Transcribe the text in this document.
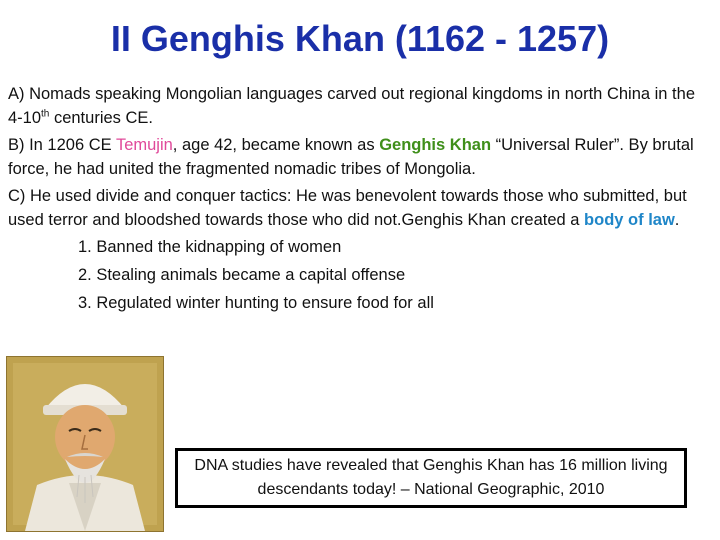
II Genghis Khan (1162 - 1257)

A) Nomads speaking Mongolian languages carved out regional kingdoms in north China in the 4-10th centuries CE.

B) In 1206 CE Temujin, age 42, became known as Genghis Khan “Universal Ruler”. By brutal force, he had united the fragmented nomadic tribes of Mongolia.

C) He used divide and conquer tactics: He was benevolent towards those who submitted, but used terror and bloodshed towards those who did not.Genghis Khan created a body of law.

1. Banned the kidnapping of women
2. Stealing animals became a capital offense
3. Regulated winter hunting to ensure food for all
DNA studies have revealed that Genghis Khan has 16 million living descendants today! – National Geographic, 2010
